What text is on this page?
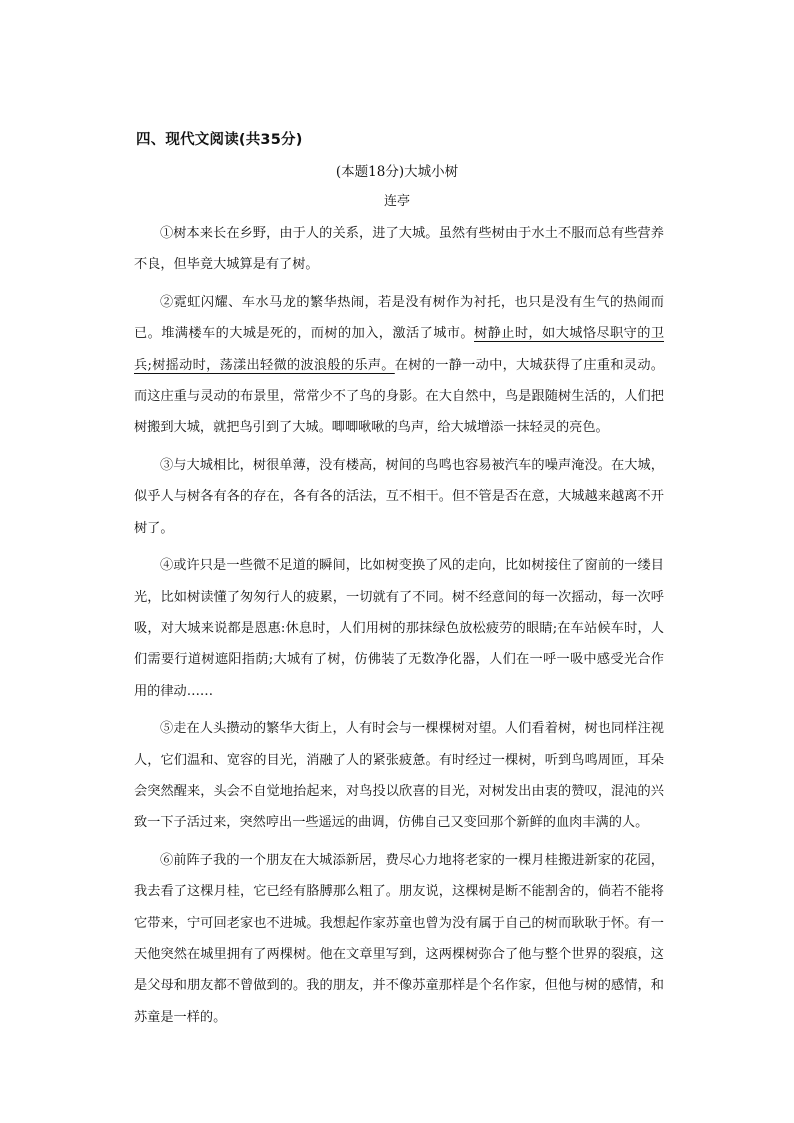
四、现代文阅读(共35分)
(本题18分)大城小树
连亭

①树本来长在乡野，由于人的关系，进了大城。虽然有些树由于水土不服而总有些营养不良，但毕竟大城算是有了树。

②霓虹闪耀、车水马龙的繁华热闹，若是没有树作为衬托，也只是没有生气的热闹而已。堆满楼车的大城是死的，而树的加入，激活了城市。树静止时，如大城恪尽职守的卫兵;树摇动时，荡漾出轻微的波浪般的乐声。在树的一静一动中，大城获得了庄重和灵动。而这庄重与灵动的布景里，常常少不了鸟的身影。在大自然中，鸟是跟随树生活的，人们把树搬到大城，就把鸟引到了大城。唧唧啾啾的鸟声，给大城增添一抹轻灵的亮色。

③与大城相比，树很单薄，没有楼高，树间的鸟鸣也容易被汽车的噪声淹没。在大城，似乎人与树各有各的存在，各有各的活法，互不相干。但不管是否在意，大城越来越离不开树了。

④或许只是一些微不足道的瞬间，比如树变换了风的走向，比如树接住了窗前的一缕目光，比如树读懂了匆匆行人的疲累，一切就有了不同。树不经意间的每一次摇动，每一次呼吸，对大城来说都是恩惠:休息时，人们用树的那抹绿色放松疲劳的眼睛;在车站候车时，人们需要行道树遮阳指荫;大城有了树，仿佛装了无数净化器，人们在一呼一吸中感受光合作用的律动……

⑤走在人头攒动的繁华大街上，人有时会与一棵棵树对望。人们看着树，树也同样注视人，它们温和、宽容的目光，消融了人的紧张疲惫。有时经过一棵树，听到鸟鸣周匝，耳朵会突然醒来，头会不自觉地抬起来，对鸟投以欣喜的目光，对树发出由衷的赞叹，混沌的兴致一下子活过来，突然哼出一些遥远的曲调，仿佛自己又变回那个新鲜的血肉丰满的人。

⑥前阵子我的一个朋友在大城添新居，费尽心力地将老家的一棵月桂搬进新家的花园，我去看了这棵月桂，它已经有胳膊那么粗了。朋友说，这棵树是断不能割舍的，倘若不能将它带来，宁可回老家也不进城。我想起作家苏童也曾为没有属于自己的树而耿耿于怀。有一天他突然在城里拥有了两棵树。他在文章里写到，这两棵树弥合了他与整个世界的裂痕，这是父母和朋友都不曾做到的。我的朋友，并不像苏童那样是个名作家，但他与树的感情，和苏童是一样的。
